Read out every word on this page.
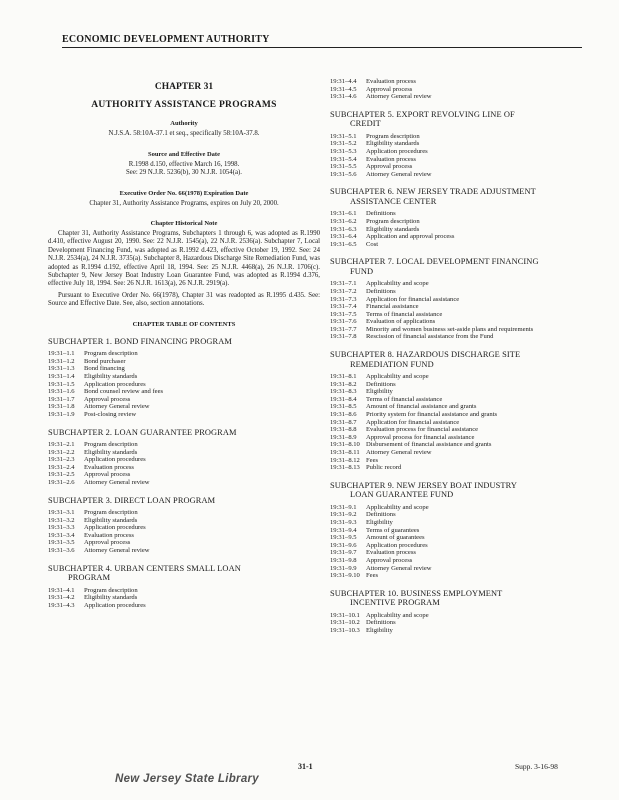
ECONOMIC DEVELOPMENT AUTHORITY
CHAPTER 31
AUTHORITY ASSISTANCE PROGRAMS
Authority
N.J.S.A. 58:10A-37.1 et seq., specifically 58:10A-37.8.
Source and Effective Date
R.1998 d.150, effective March 16, 1998.
See: 29 N.J.R. 5236(b), 30 N.J.R. 1054(a).
Executive Order No. 66(1978) Expiration Date
Chapter 31, Authority Assistance Programs, expires on July 20, 2000.
Chapter Historical Note
Chapter 31, Authority Assistance Programs, Subchapters 1 through 6, was adopted as R.1990 d.410, effective August 20, 1990. See: 22 N.J.R. 1545(a), 22 N.J.R. 2536(a). Subchapter 7, Local Development Financing Fund, was adopted as R.1992 d.423, effective October 19, 1992. See: 24 N.J.R. 2534(a), 24 N.J.R. 3735(a). Subchapter 8, Hazardous Discharge Site Remediation Fund, was adopted as R.1994 d.192, effective April 18, 1994. See: 25 N.J.R. 4468(a), 26 N.J.R. 1706(c). Subchapter 9, New Jersey Boat Industry Loan Guarantee Fund, was adopted as R.1994 d.376, effective July 18, 1994. See: 26 N.J.R. 1613(a), 26 N.J.R. 2919(a).
Pursuant to Executive Order No. 66(1978), Chapter 31 was readopted as R.1995 d.435. See: Source and Effective Date. See, also, section annotations.
CHAPTER TABLE OF CONTENTS
SUBCHAPTER 1. BOND FINANCING PROGRAM
19:31–1.1	Program description
19:31–1.2	Bond purchaser
19:31–1.3	Bond financing
19:31–1.4	Eligibility standards
19:31–1.5	Application procedures
19:31–1.6	Bond counsel review and fees
19:31–1.7	Approval process
19:31–1.8	Attorney General review
19:31–1.9	Post-closing review
SUBCHAPTER 2. LOAN GUARANTEE PROGRAM
19:31–2.1	Program description
19:31–2.2	Eligibility standards
19:31–2.3	Application procedures
19:31–2.4	Evaluation process
19:31–2.5	Approval process
19:31–2.6	Attorney General review
SUBCHAPTER 3. DIRECT LOAN PROGRAM
19:31–3.1	Program description
19:31–3.2	Eligibility standards
19:31–3.3	Application procedures
19:31–3.4	Evaluation process
19:31–3.5	Approval process
19:31–3.6	Attorney General review
SUBCHAPTER 4. URBAN CENTERS SMALL LOAN
PROGRAM
19:31–4.1	Program description
19:31–4.2	Eligibility standards
19:31–4.3	Application procedures
19:31–4.4	Evaluation process
19:31–4.5	Approval process
19:31–4.6	Attorney General review
SUBCHAPTER 5. EXPORT REVOLVING LINE OF
CREDIT
19:31–5.1	Program description
19:31–5.2	Eligibility standards
19:31–5.3	Application procedures
19:31–5.4	Evaluation process
19:31–5.5	Approval process
19:31–5.6	Attorney General review
SUBCHAPTER 6. NEW JERSEY TRADE ADJUSTMENT
ASSISTANCE CENTER
19:31–6.1	Definitions
19:31–6.2	Program description
19:31–6.3	Eligibility standards
19:31–6.4	Application and approval process
19:31–6.5	Cost
SUBCHAPTER 7. LOCAL DEVELOPMENT FINANCING
FUND
19:31–7.1	Applicability and scope
19:31–7.2	Definitions
19:31–7.3	Application for financial assistance
19:31–7.4	Financial assistance
19:31–7.5	Terms of financial assistance
19:31–7.6	Evaluation of applications
19:31–7.7	Minority and women business set-aside plans and requirements
19:31–7.8	Rescission of financial assistance from the Fund
SUBCHAPTER 8. HAZARDOUS DISCHARGE SITE
REMEDIATION FUND
19:31–8.1	Applicability and scope
19:31–8.2	Definitions
19:31–8.3	Eligibility
19:31–8.4	Terms of financial assistance
19:31–8.5	Amount of financial assistance and grants
19:31–8.6	Priority system for financial assistance and grants
19:31–8.7	Application for financial assistance
19:31–8.8	Evaluation process for financial assistance
19:31–8.9	Approval process for financial assistance
19:31–8.10 Disbursement of financial assistance and grants
19:31–8.11 Attorney General review
19:31–8.12 Fees
19:31–8.13 Public record
SUBCHAPTER 9. NEW JERSEY BOAT INDUSTRY
LOAN GUARANTEE FUND
19:31–9.1	Applicability and scope
19:31–9.2	Definitions
19:31–9.3	Eligibility
19:31–9.4	Terms of guarantees
19:31–9.5	Amount of guarantees
19:31–9.6	Application procedures
19:31–9.7	Evaluation process
19:31–9.8	Approval process
19:31–9.9	Attorney General review
19:31–9.10 Fees
SUBCHAPTER 10. BUSINESS EMPLOYMENT
INCENTIVE PROGRAM
19:31–10.1 Applicability and scope
19:31–10.2 Definitions
19:31–10.3 Eligibility
31-1	Supp. 3-16-98
New Jersey State Library
